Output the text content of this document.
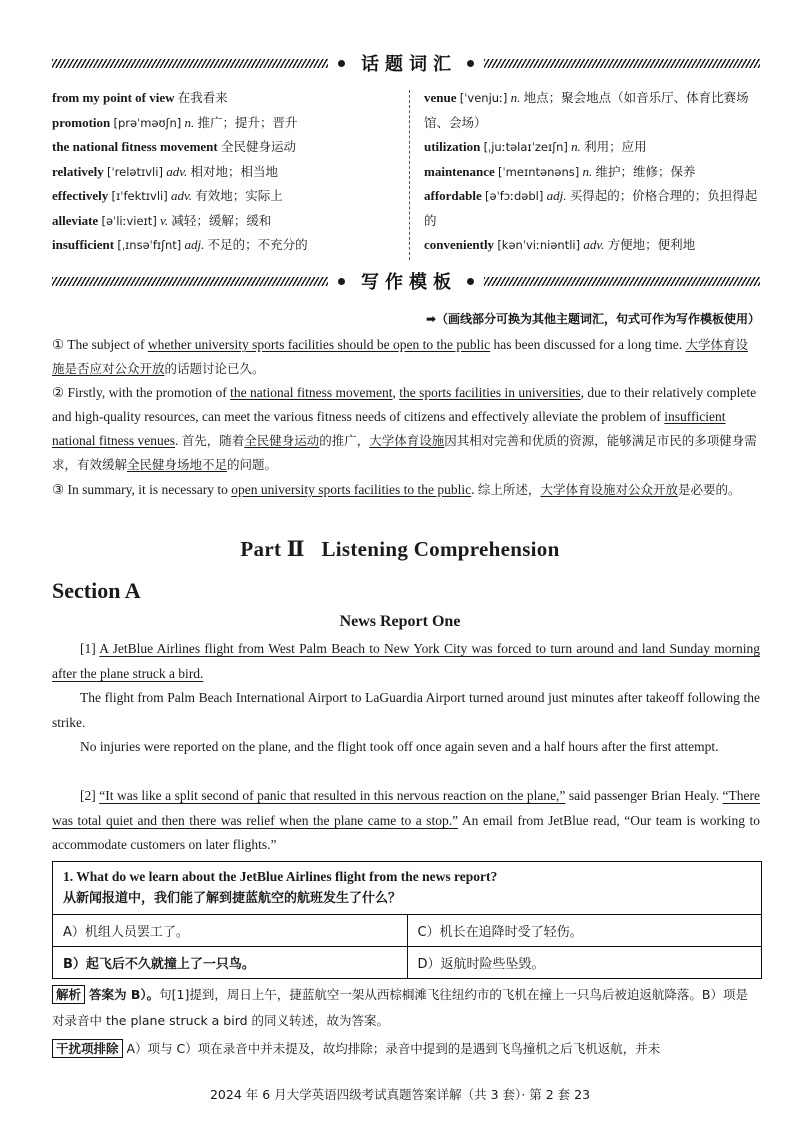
话题词汇
from my point of view 在我看来
promotion [prəˈməʊʃn] n. 推广；提升；晋升
the national fitness movement 全民健身运动
relatively [ˈrelətɪvli] adv. 相对地；相当地
effectively [ɪˈfektɪvli] adv. 有效地；实际上
alleviate [əˈliːvieɪt] v. 减轻；缓解；缓和
insufficient [ˌɪnsəˈfɪʃnt] adj. 不足的；不充分的
venue [ˈvenjuː] n. 地点；聚会地点（如音乐厅、体育比赛场馆、会场）
utilization [ˌjuːtəlaɪˈzeɪʃn] n. 利用；应用
maintenance [ˈmeɪntənəns] n. 维护；维修；保养
affordable [əˈfɔːdəbl] adj. 买得起的；价格合理的；负担得起的
conveniently [kənˈviːniəntli] adv. 方便地；便利地
写作模板
➡（画线部分可换为其他主题词汇，句式可作为写作模板使用）
① The subject of whether university sports facilities should be open to the public has been discussed for a long time. 大学体育设施是否应对公众开放的话题讨论已久。
② Firstly, with the promotion of the national fitness movement, the sports facilities in universities, due to their relatively complete and high-quality resources, can meet the various fitness needs of citizens and effectively alleviate the problem of insufficient national fitness venues. 首先，随着全民健身运动的推广，大学体育设施因其相对完善和优质的资源，能够满足市民的多项健身需求，有效缓解全民健身场地不足的问题。
③ In summary, it is necessary to open university sports facilities to the public. 综上所述，大学体育设施对公众开放是必要的。
Part Ⅱ   Listening Comprehension
Section A
News Report One
[1] A JetBlue Airlines flight from West Palm Beach to New York City was forced to turn around and land Sunday morning after the plane struck a bird.
The flight from Palm Beach International Airport to LaGuardia Airport turned around just minutes after takeoff following the strike.
No injuries were reported on the plane, and the flight took off once again seven and a half hours after the first attempt.
[2] “It was like a split second of panic that resulted in this nervous reaction on the plane,” said passenger Brian Healy. “There was total quiet and then there was relief when the plane came to a stop.” An email from JetBlue read, “Our team is working to accommodate customers on later flights.”
1. What do we learn about the JetBlue Airlines flight from the news report?
从新闻报道中，我们能了解到捷蓝航空的航班发生了什么？
A）机组人员罢工了。	C）机长在追降时受了轻伤。
B）起飞后不久就撞上了一只鸟。	D）返航时险些坠毁。
解析 答案为 B）。句[1]提到，周日上午，捷蓝航空一架从西棕榈滩飞往纽约市的飞机在撞上一只鸟后被迫返航降落。B）项是对录音中 the plane struck a bird 的同义转述，故为答案。
干扰项排除 A）项与 C）项在录音中并未提及，故均排除；录音中提到的是遇到飞鸟撞机之后飞机返航，并未
2024 年 6 月大学英语四级考试真题答案详解（共 3 套）· 第 2 套 23
